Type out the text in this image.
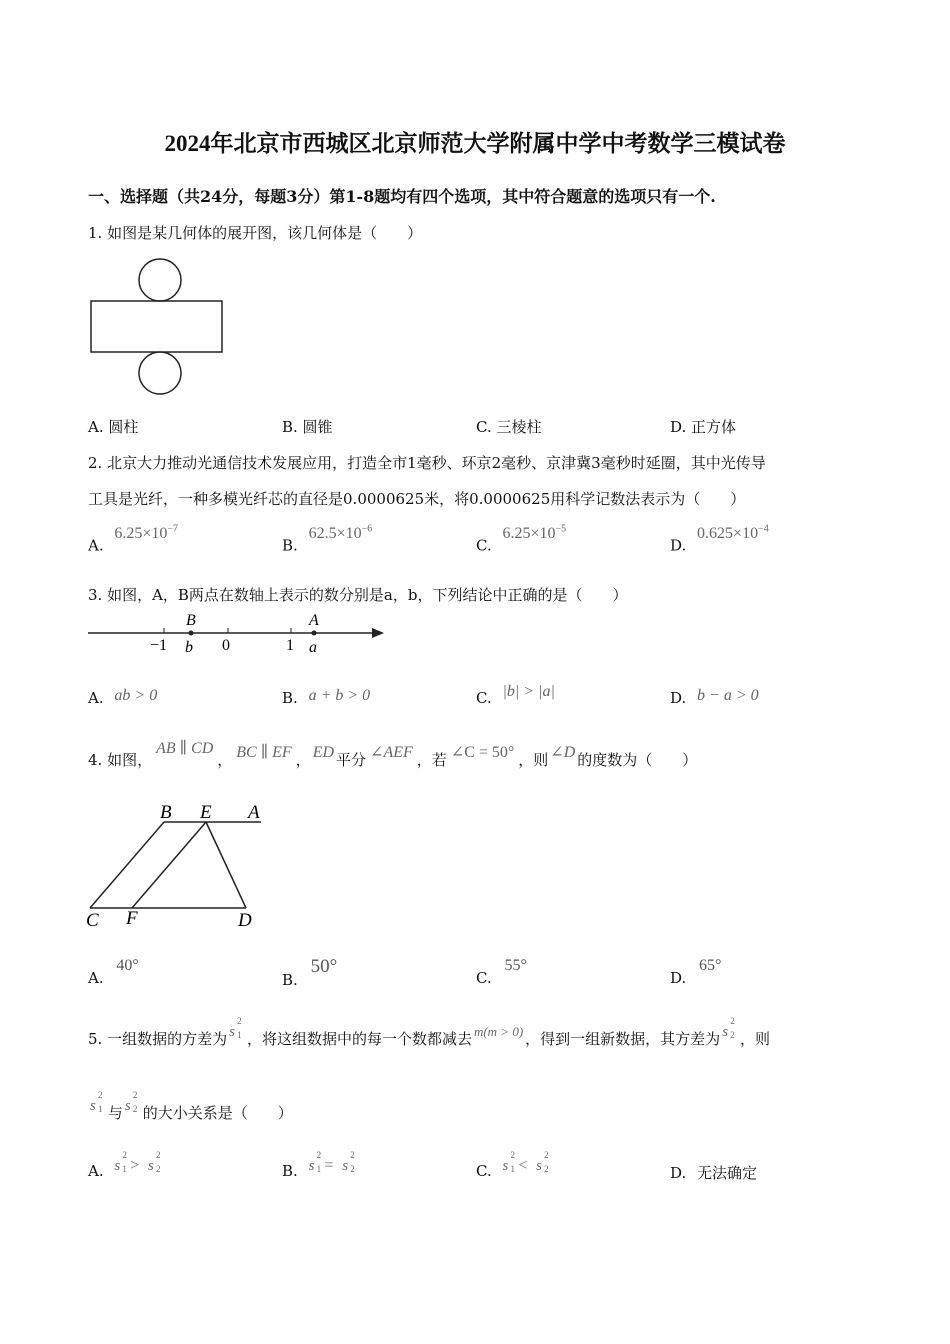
2024年北京市西城区北京师范大学附属中学中考数学三模试卷
一、选择题（共24分，每题3分）第1-8题均有四个选项，其中符合题意的选项只有一个.
1. 如图是某几何体的展开图，该几何体是（　　）
A. 圆柱	B. 圆锥	C. 三棱柱	D. 正方体
2. 北京大力推动光通信技术发展应用，打造全市1毫秒、环京2毫秒、京津冀3毫秒时延圈，其中光传导
工具是光纤，一种多模光纤芯的直径是0.0000625米，将0.0000625用科学记数法表示为（　　）
A. $6.25\times 10^{-7}$
B. $62.5\times 10^{-6}$
C. $6.25\times 10^{-5}$
D. $0.625\times 10^{-4}$
3. 如图，A，B两点在数轴上表示的数分别是a，b，下列结论中正确的是（　　）
B	A
−1	0	1
b	a
A. ab > 0	B. a + b > 0	C. |b| > |a|	D. b − a > 0
4. 如图，AB ∥ CD， BC ∥ EF ， ED 平分 ∠AEF ，若 ∠C = 50° ，则 ∠D 的度数为（　　）
B E A
C F	D
A. 40°
B. 50°
C. 55°
D. 65°
5. 一组数据的方差为 s
2
1 ，将这组数据中的每一个数都减去 m(m > 0) ，得到一组新数据，其方差为 s
2
2 ，则
s
2
1 与 s
2
2 的大小关系是（　　）
A. s
2
1 > s
2
2	B. s
2
1 = s
2
2	C. s
2
1 < s
2
2	D. 无法确定
